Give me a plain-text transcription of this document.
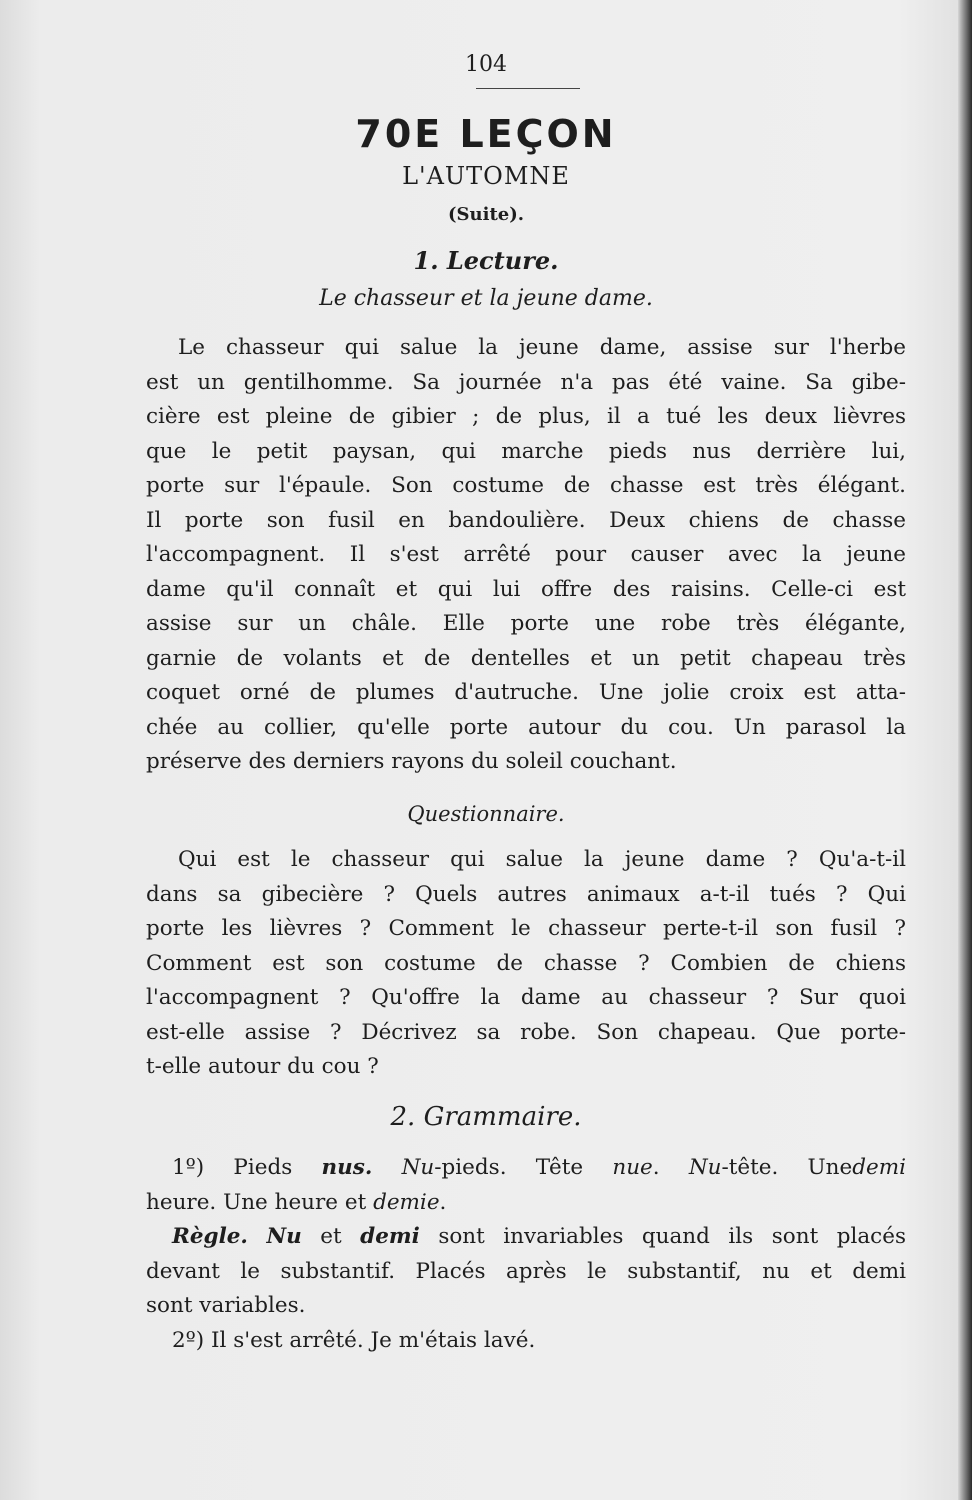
104
70E LEÇON
L'AUTOMNE
(Suite).
1. Lecture.
Le chasseur et la jeune dame.
Le chasseur qui salue la jeune dame, assise sur l'herbe
est un gentilhomme. Sa journée n'a pas été vaine. Sa gibe-
cière est pleine de gibier ; de plus, il a tué les deux lièvres
que le petit paysan, qui marche pieds nus derrière lui,
porte sur l'épaule. Son costume de chasse est très élégant.
Il porte son fusil en bandoulière. Deux chiens de chasse
l'accompagnent. Il s'est arrêté pour causer avec la jeune
dame qu'il connaît et qui lui offre des raisins. Celle-ci est
assise sur un châle. Elle porte une robe très élégante,
garnie de volants et de dentelles et un petit chapeau très
coquet orné de plumes d'autruche. Une jolie croix est atta-
chée au collier, qu'elle porte autour du cou. Un parasol la
préserve des derniers rayons du soleil couchant.
Questionnaire.
Qui est le chasseur qui salue la jeune dame ? Qu'a-t-il
dans sa gibecière ? Quels autres animaux a-t-il tués ? Qui
porte les lièvres ? Comment le chasseur perte-t-il son fusil ?
Comment est son costume de chasse ? Combien de chiens
l'accompagnent ? Qu'offre la dame au chasseur ? Sur quoi
est-elle assise ? Décrivez sa robe. Son chapeau. Que porte-
t-elle autour du cou ?
2. Grammaire.
1º) Pieds nus. Nu-pieds. Tête nue. Nu-tête. Unedemi
heure. Une heure et demie.
Règle. Nu et demi sont invariables quand ils sont placés
devant le substantif. Placés après le substantif, nu et demi
sont variables.
2º) Il s'est arrêté. Je m'étais lavé.
